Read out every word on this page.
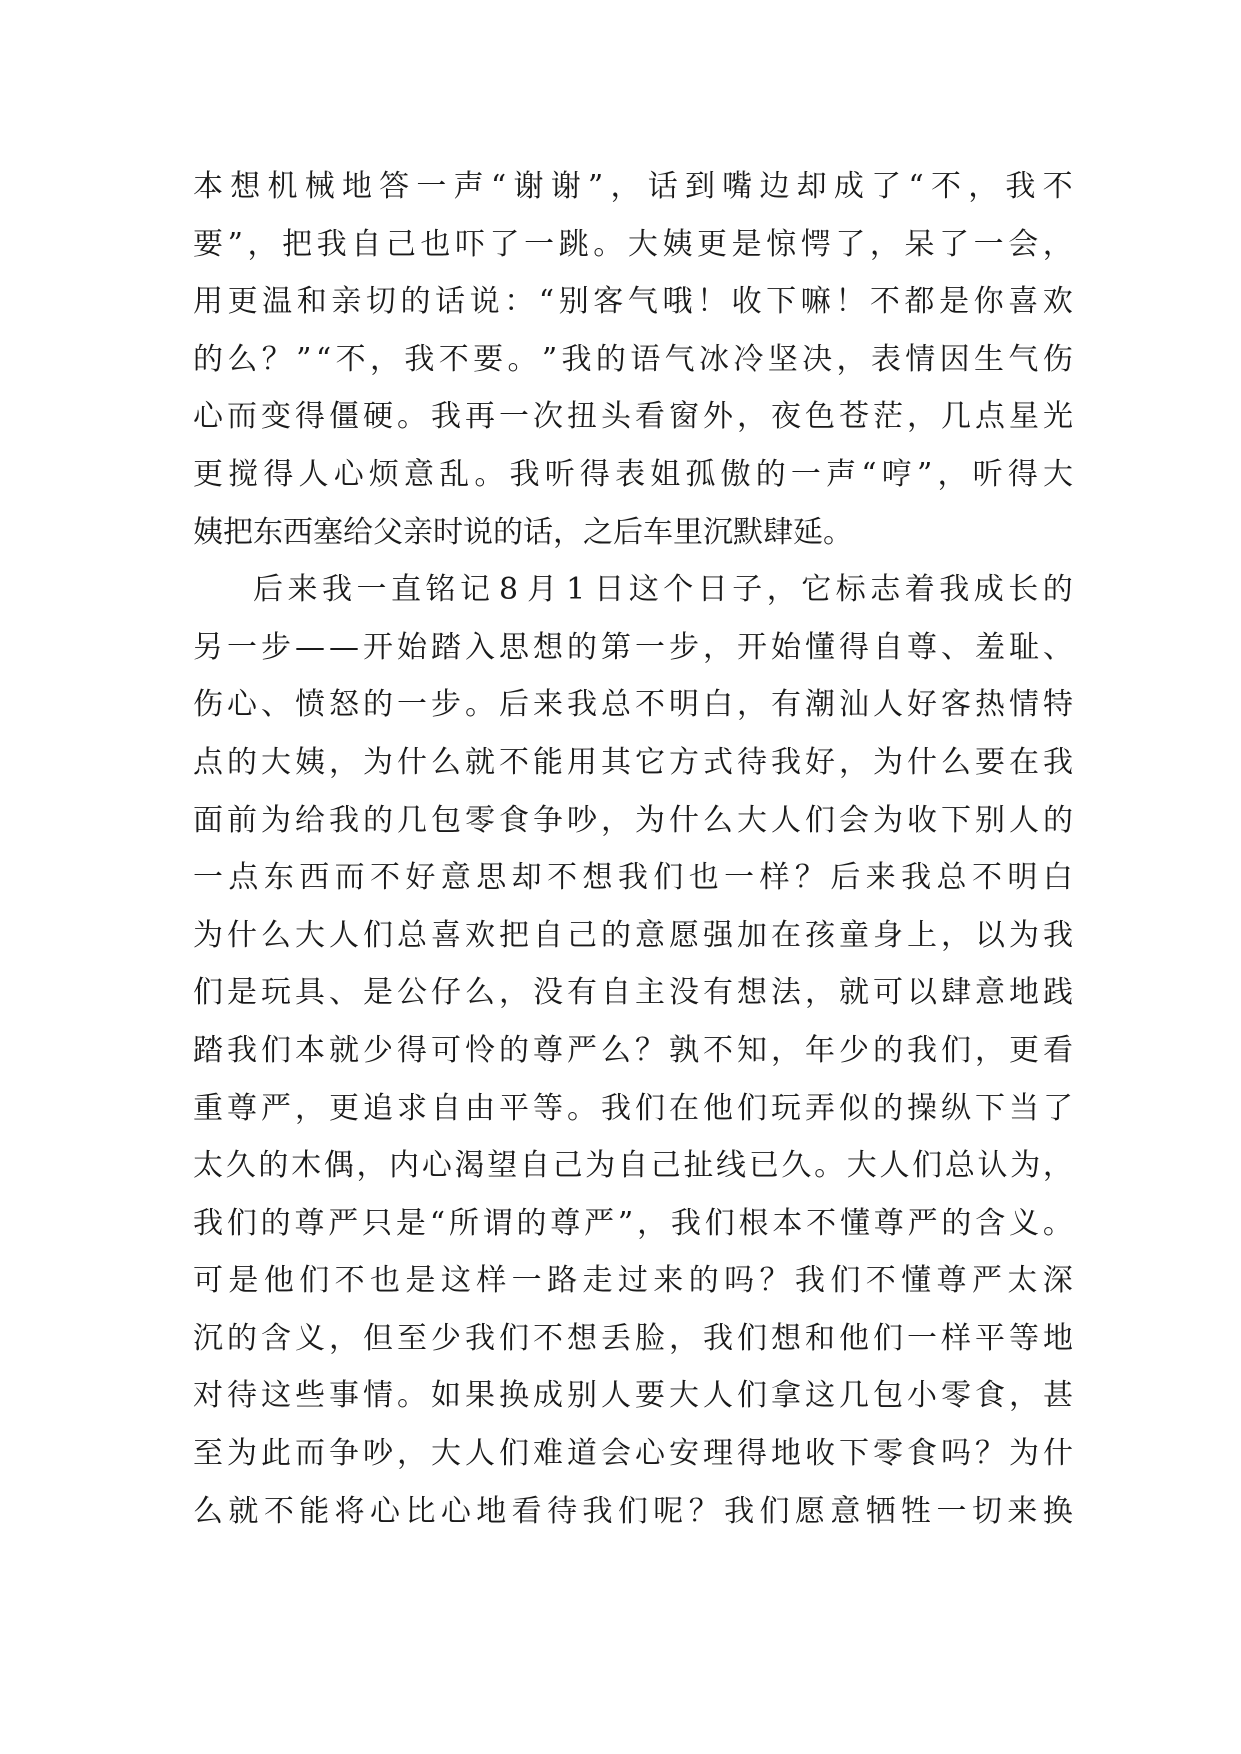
本 想 机 械 地 答 一 声 “ 谢 谢 ” ， 话 到 嘴 边 却 成 了 “ 不 ， 我 不
要 ” ， 把 我 自 己 也 吓 了 一 跳 。 大 姨 更 是 惊 愕 了 ， 呆 了 一 会 ，
用 更 温 和 亲 切 的 话 说 ： “ 别 客 气 哦 ！ 收 下 嘛 ！ 不 都 是 你 喜 欢
的 么 ？ ” “ 不 ， 我 不 要 。 ” 我 的 语 气 冰 冷 坚 决 ， 表 情 因 生 气 伤
心 而 变 得 僵 硬 。 我 再 一 次 扭 头 看 窗 外 ， 夜 色 苍 茫 ， 几 点 星 光
更 搅 得 人 心 烦 意 乱 。 我 听 得 表 姐 孤 傲 的 一 声 “ 哼 ” ， 听 得 大
姨把东西塞给父亲时说的话，之后车里沉默肆延。
后 来 我 一 直 铭 记 8 月 1 日 这 个 日 子 ， 它 标 志 着 我 成 长 的
另 一 步 — — 开 始 踏 入 思 想 的 第 一 步 ， 开 始 懂 得 自 尊 、 羞 耻 、
伤 心 、 愤 怒 的 一 步 。 后 来 我 总 不 明 白 ， 有 潮 汕 人 好 客 热 情 特
点 的 大 姨 ， 为 什 么 就 不 能 用 其 它 方 式 待 我 好 ， 为 什 么 要 在 我
面 前 为 给 我 的 几 包 零 食 争 吵 ， 为 什 么 大 人 们 会 为 收 下 别 人 的
一 点 东 西 而 不 好 意 思 却 不 想 我 们 也 一 样 ？ 后 来 我 总 不 明 白
为 什 么 大 人 们 总 喜 欢 把 自 己 的 意 愿 强 加 在 孩 童 身 上 ， 以 为 我
们 是 玩 具 、 是 公 仔 么 ， 没 有 自 主 没 有 想 法 ， 就 可 以 肆 意 地 践
踏 我 们 本 就 少 得 可 怜 的 尊 严 么 ？ 孰 不 知 ， 年 少 的 我 们 ， 更 看
重 尊 严 ， 更 追 求 自 由 平 等 。 我 们 在 他 们 玩 弄 似 的 操 纵 下 当 了
太 久 的 木 偶 ， 内 心 渴 望 自 己 为 自 己 扯 线 已 久 。 大 人 们 总 认 为 ，
我 们 的 尊 严 只 是 “ 所 谓 的 尊 严 ” ， 我 们 根 本 不 懂 尊 严 的 含 义 。
可 是 他 们 不 也 是 这 样 一 路 走 过 来 的 吗 ？ 我 们 不 懂 尊 严 太 深
沉 的 含 义 ， 但 至 少 我 们 不 想 丢 脸 ， 我 们 想 和 他 们 一 样 平 等 地
对 待 这 些 事 情 。 如 果 换 成 别 人 要 大 人 们 拿 这 几 包 小 零 食 ， 甚
至 为 此 而 争 吵 ， 大 人 们 难 道 会 心 安 理 得 地 收 下 零 食 吗 ？ 为 什
么 就 不 能 将 心 比 心 地 看 待 我 们 呢 ？ 我 们 愿 意 牺 牲 一 切 来 换
